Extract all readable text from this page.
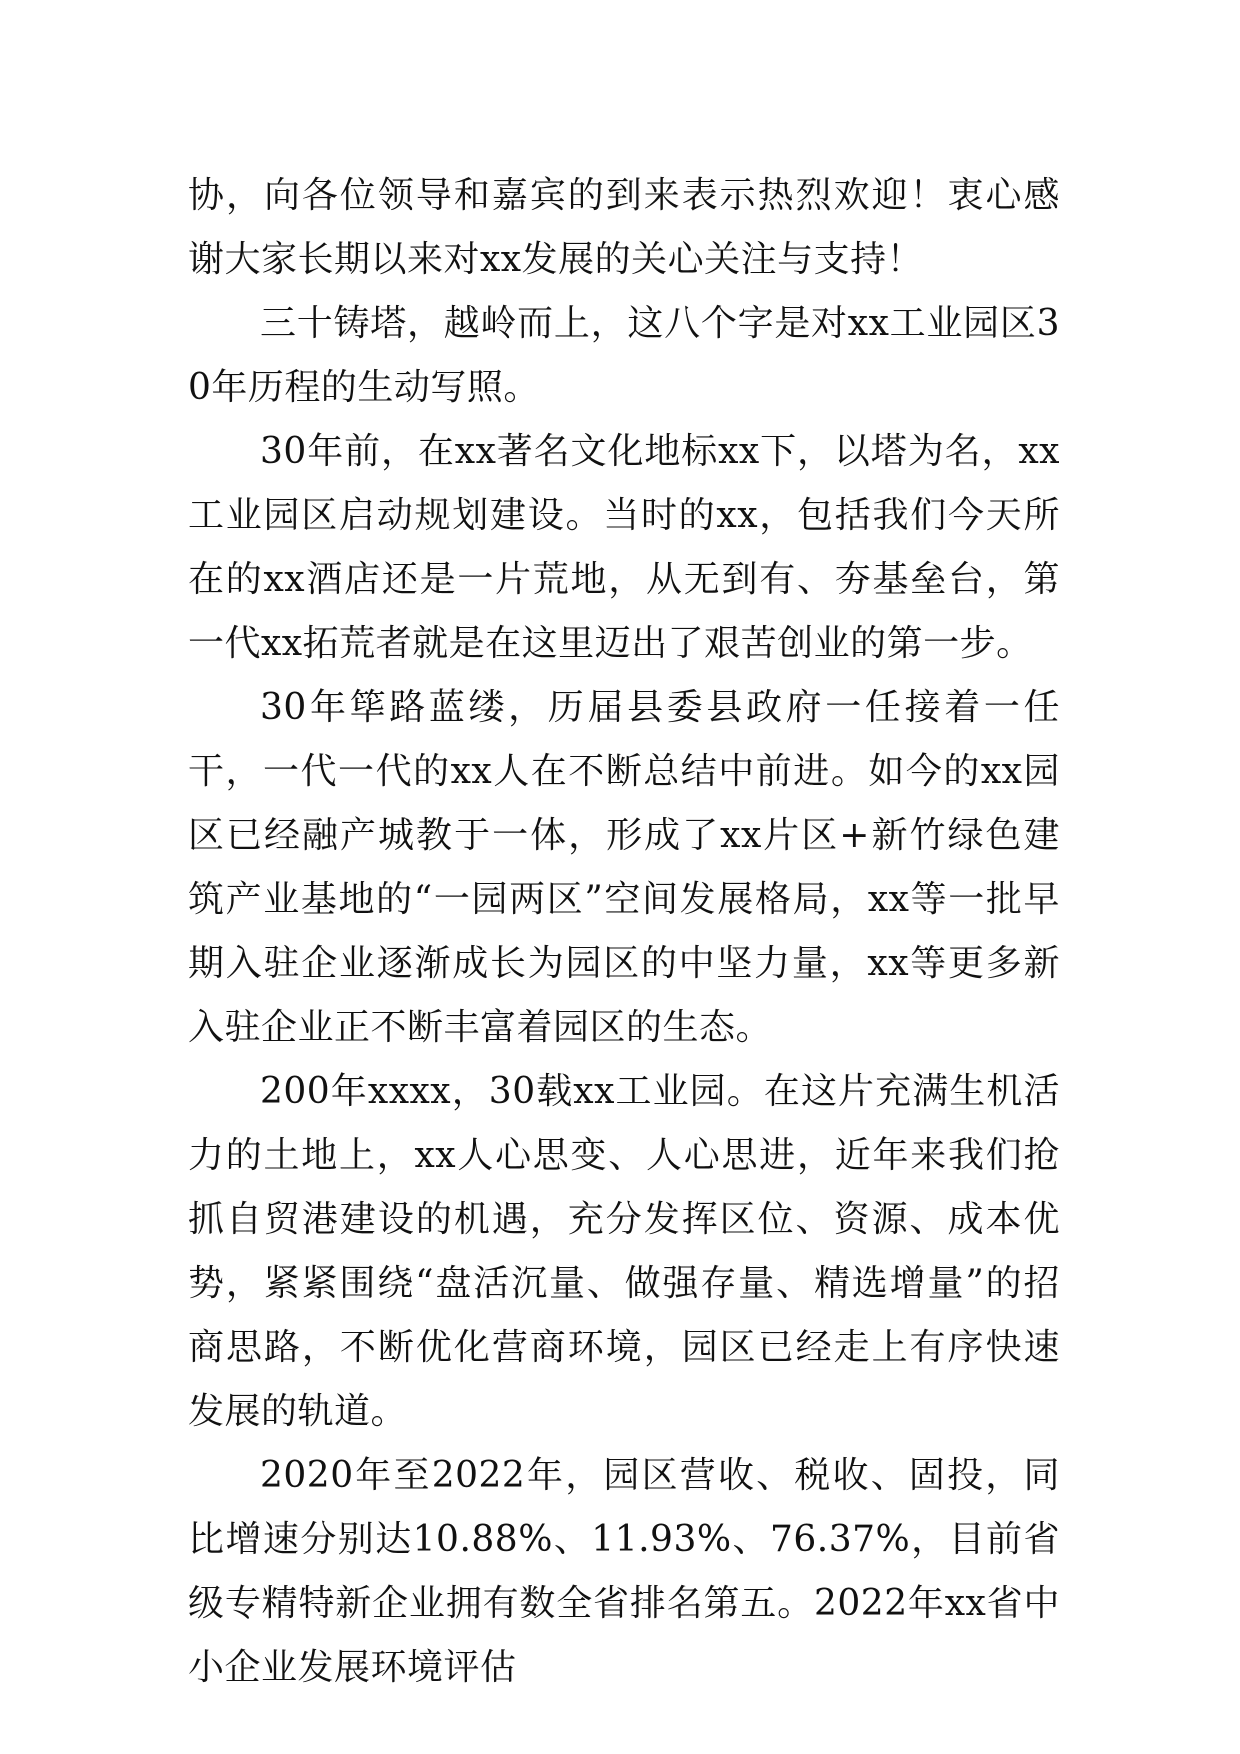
协，向各位领导和嘉宾的到来表示热烈欢迎！衷心感谢大家长期以来对xx发展的关心关注与支持！

三十铸塔，越岭而上，这八个字是对xx工业园区30年历程的生动写照。

30年前，在xx著名文化地标xx下，以塔为名，xx工业园区启动规划建设。当时的xx，包括我们今天所在的xx酒店还是一片荒地，从无到有、夯基垒台，第一代xx拓荒者就是在这里迈出了艰苦创业的第一步。

30年筚路蓝缕，历届县委县政府一任接着一任干，一代一代的xx人在不断总结中前进。如今的xx园区已经融产城教于一体，形成了xx片区+新竹绿色建筑产业基地的“一园两区”空间发展格局，xx等一批早期入驻企业逐渐成长为园区的中坚力量，xx等更多新入驻企业正不断丰富着园区的生态。

200年xxxx，30载xx工业园。在这片充满生机活力的土地上，xx人心思变、人心思进，近年来我们抢抓自贸港建设的机遇，充分发挥区位、资源、成本优势，紧紧围绕“盘活沉量、做强存量、精选增量”的招商思路，不断优化营商环境，园区已经走上有序快速发展的轨道。

2020年至2022年，园区营收、税收、固投，同比增速分别达10.88%、11.93%、76.37%，目前省级专精特新企业拥有数全省排名第五。2022年xx省中小企业发展环境评估
